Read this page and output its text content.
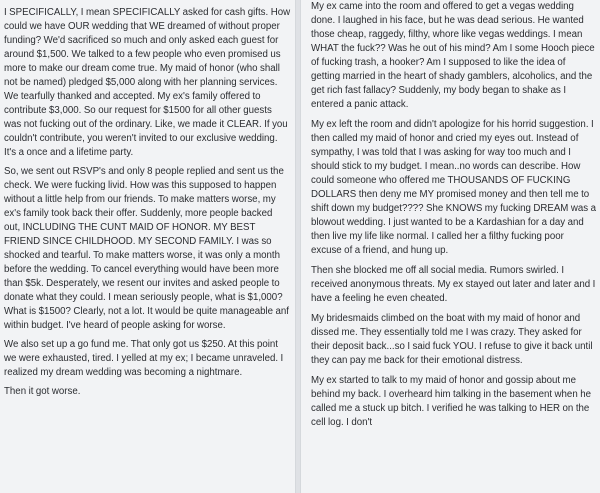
I SPECIFICALLY, I mean SPECIFICALLY asked for cash gifts. How could we have OUR wedding that WE dreamed of without proper funding? We'd sacrificed so much and only asked each guest for around $1,500. We talked to a few people who even promised us more to make our dream come true. My maid of honor (who shall not be named) pledged $5,000 along with her planning services. We tearfully thanked and accepted. My ex's family offered to contribute $3,000. So our request for $1500 for all other guests was not fucking out of the ordinary. Like, we made it CLEAR. If you couldn't contribute, you weren't invited to our exclusive wedding. It's a once and a lifetime party.

So, we sent out RSVP's and only 8 people replied and sent us the check. We were fucking livid. How was this supposed to happen without a little help from our friends. To make matters worse, my ex's family took back their offer. Suddenly, more people backed out, INCLUDING THE CUNT MAID OF HONOR. MY BEST FRIEND SINCE CHILDHOOD. MY SECOND FAMILY. I was so shocked and tearful. To make matters worse, it was only a month before the wedding. To cancel everything would have been more than $5k. Desperately, we resent our invites and asked people to donate what they could. I mean seriously people, what is $1,000? What is $1500? Clearly, not a lot. It would be quite manageable anf within budget. I've heard of people asking for worse.

We also set up a go fund me. That only got us $250. At this point we were exhausted, tired. I yelled at my ex; I became unraveled. I realized my dream wedding was becoming a nightmare.

Then it got worse.

My ex came into the room and offered to get a vegas wedding done. I laughed in his face, but he was dead serious. He wanted those cheap, raggedy, filthy, whore like vegas weddings. I mean WHAT the fuck?? Was he out of his mind? Am I some Hooch piece of fucking trash, a hooker? Am I supposed to like the idea of getting married in the heart of shady gamblers, alcoholics, and the get rich fast fallacy? Suddenly, my body began to shake as I entered a panic attack.

My ex left the room and didn't apologize for his horrid suggestion. I then called my maid of honor and cried my eyes out. Instead of sympathy, I was told that I was asking for way too much and I should stick to my budget. I mean..no words can describe. How could someone who offered me THOUSANDS OF FUCKING DOLLARS then deny me MY promised money and then tell me to shift down my budget???? She KNOWS my fucking DREAM was a blowout wedding. I just wanted to be a Kardashian for a day and then live my life like normal. I called her a filthy fucking poor excuse of a friend, and hung up.

Then she blocked me off all social media. Rumors swirled. I received anonymous threats. My ex stayed out later and later and I have a feeling he even cheated.

My bridesmaids climbed on the boat with my maid of honor and dissed me. They essentially told me I was crazy. They asked for their deposit back...so I said fuck YOU. I refuse to give it back until they can pay me back for their emotional distress.

My ex started to talk to my maid of honor and gossip about me behind my back. I overheard him talking in the basement when he called me a stuck up bitch. I verified he was talking to HER on the cell log. I don't
